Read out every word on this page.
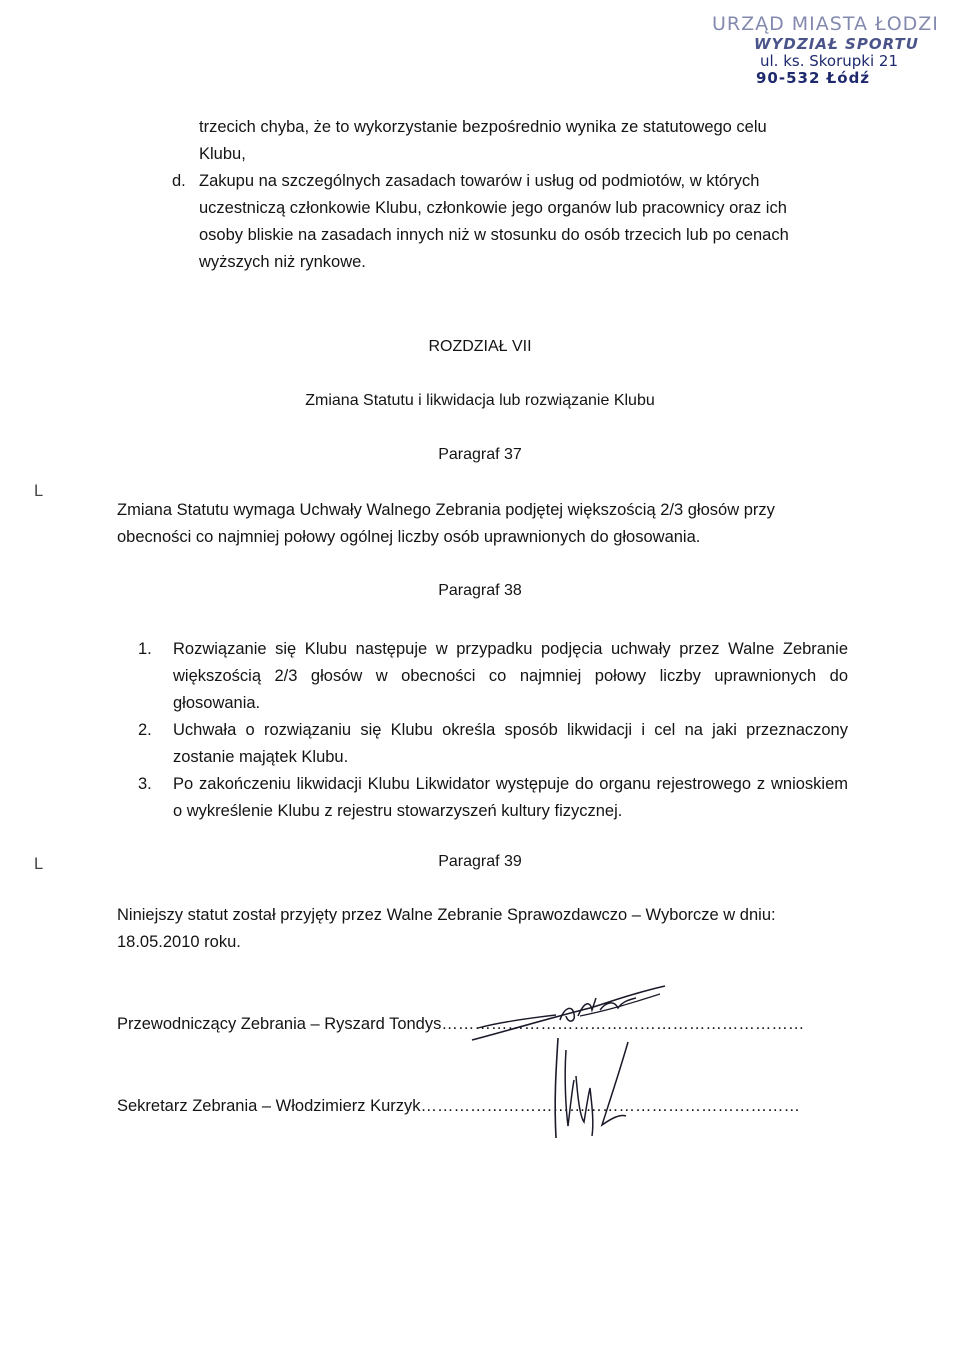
URZĄD MIASTA ŁODZI
WYDZIAŁ SPORTU
ul. ks. Skorupki 21
90-532 Łódź
trzecich chyba, że to wykorzystanie bezpośrednio wynika ze statutowego celu
Klubu,
d. Zakupu na szczególnych zasadach towarów i usług od podmiotów, w których
uczestniczą członkowie Klubu, członkowie jego organów lub pracownicy oraz ich
osoby bliskie na zasadach innych niż w stosunku do osób trzecich lub po cenach
wyższych niż rynkowe.
ROZDZIAŁ VII
Zmiana Statutu i likwidacja lub rozwiązanie Klubu
Paragraf 37
L
Zmiana Statutu wymaga Uchwały Walnego Zebrania podjętej większością 2/3 głosów przy
obecności co najmniej połowy ogólnej liczby osób uprawnionych do głosowania.
Paragraf 38
1.	Rozwiązanie się Klubu następuje w przypadku podjęcia uchwały przez Walne Zebranie większością 2/3 głosów w obecności co najmniej połowy liczby uprawnionych do głosowania.
2.	Uchwała o rozwiązaniu się Klubu określa sposób likwidacji i cel na jaki przeznaczony zostanie majątek Klubu.
3.	Po zakończeniu likwidacji Klubu Likwidator występuje do organu rejestrowego z wnioskiem o wykreślenie Klubu z rejestru stowarzyszeń kultury fizycznej.
L	Paragraf 39
Niniejszy statut został przyjęty przez Walne Zebranie Sprawozdawczo – Wyborcze w dniu:
18.05.2010 roku.
Przewodniczący Zebrania – Ryszard Tondys…………………………………………………………
Sekretarz Zebrania – Włodzimierz Kurzyk……………………………………………………………
